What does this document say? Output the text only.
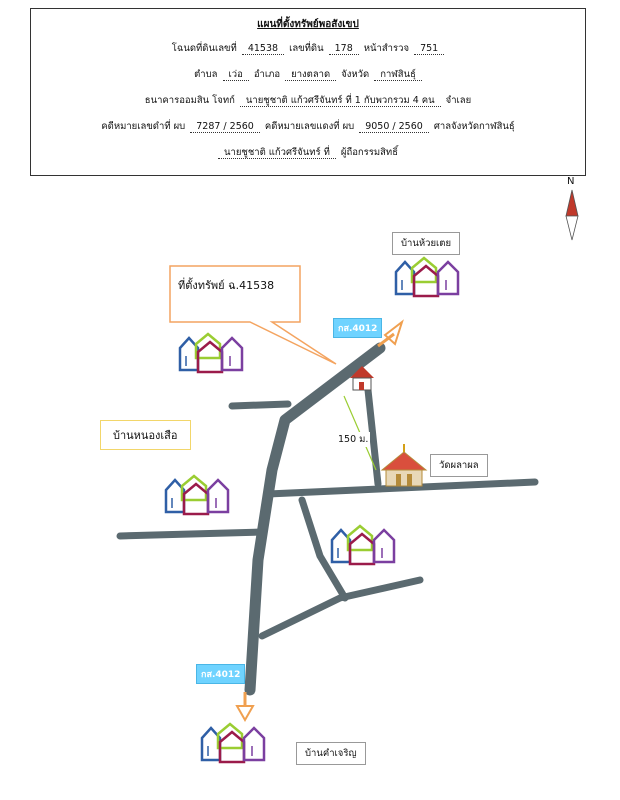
แผนที่ตั้งทรัพย์พอสังเขป
โฉนดที่ดินเลขที่ 41538 เลขที่ดิน 178 หน้าสำรวจ 751
ตำบล เว่อ อำเภอ ยางตลาด จังหวัด กาฬสินธุ์
ธนาคารออมสิน โจทก์ นายชูชาติ แก้วศรีจันทร์ ที่ 1 กับพวกรวม 4 คน จำเลย
คดีหมายเลขดำที่ ผบ 7287 / 2560 คดีหมายเลขแดงที่ ผบ 9050 / 2560 ศาลจังหวัดกาฬสินธุ์
นายชูชาติ แก้วศรีจันทร์ ที่ ผู้ถือกรรมสิทธิ์
N
ที่ตั้งทรัพย์ ฉ.41538
บ้านห้วยเตย
บ้านหนองเสือ
วัดผลาผล
บ้านคำเจริญ
150 ม.
กส.4012
กส.4012
